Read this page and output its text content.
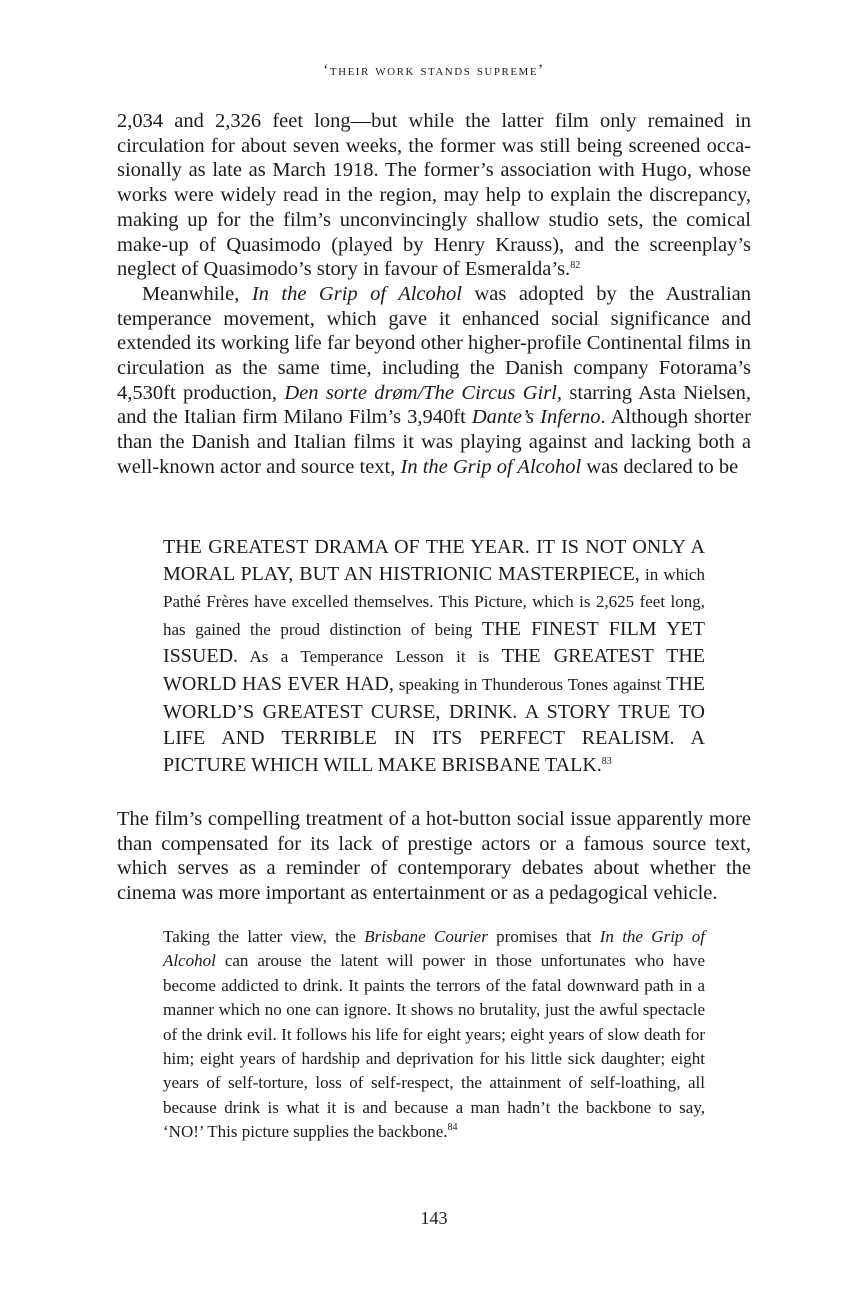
‘their work stands supreme’

2,034 and 2,326 feet long—but while the latter film only remained in circulation for about seven weeks, the former was still being screened occasionally as late as March 1918. The former’s association with Hugo, whose works were widely read in the region, may help to explain the discrepancy, making up for the film’s unconvincingly shallow studio sets, the comical make-up of Quasimodo (played by Henry Krauss), and the screenplay’s neglect of Quasimodo’s story in favour of Esmeralda’s.$^{82}$

Meanwhile, In the Grip of Alcohol was adopted by the Australian temperance movement, which gave it enhanced social significance and extended its working life far beyond other higher-profile Continental films in circulation as the same time, including the Danish company Fotorama’s 4,530ft production, Den sorte drøm/The Circus Girl, starring Asta Nielsen, and the Italian firm Milano Film’s 3,940ft Dante’s Inferno. Although shorter than the Danish and Italian films it was playing against and lacking both a well-known actor and source text, In the Grip of Alcohol was declared to be

THE GREATEST DRAMA OF THE YEAR. IT IS NOT ONLY A MORAL PLAY, BUT AN HISTRIONIC MASTERPIECE, in which Pathé Frères have excelled themselves. This Picture, which is 2,625 feet long, has gained the proud distinction of being THE FINEST FILM YET ISSUED. As a Temperance Lesson it is THE GREATEST THE WORLD HAS EVER HAD, speaking in Thunderous Tones against THE WORLD’S GREATEST CURSE, DRINK. A STORY TRUE TO LIFE AND TERRIBLE IN ITS PERFECT REALISM. A PICTURE WHICH WILL MAKE BRISBANE TALK.$^{83}$

The film’s compelling treatment of a hot-button social issue apparently more than compensated for its lack of prestige actors or a famous source text, which serves as a reminder of contemporary debates about whether the cinema was more important as entertainment or as a pedagogical vehicle.

Taking the latter view, the Brisbane Courier promises that In the Grip of Alcohol can arouse the latent will power in those unfortunates who have become addicted to drink. It paints the terrors of the fatal downward path in a manner which no one can ignore. It shows no brutality, just the awful spectacle of the drink evil. It follows his life for eight years; eight years of slow death for him; eight years of hardship and deprivation for his little sick daughter; eight years of self-torture, loss of self-respect, the attainment of self-loathing, all because drink is what it is and because a man hadn’t the backbone to say, ‘NO!’ This picture supplies the backbone.$^{84}$
143
